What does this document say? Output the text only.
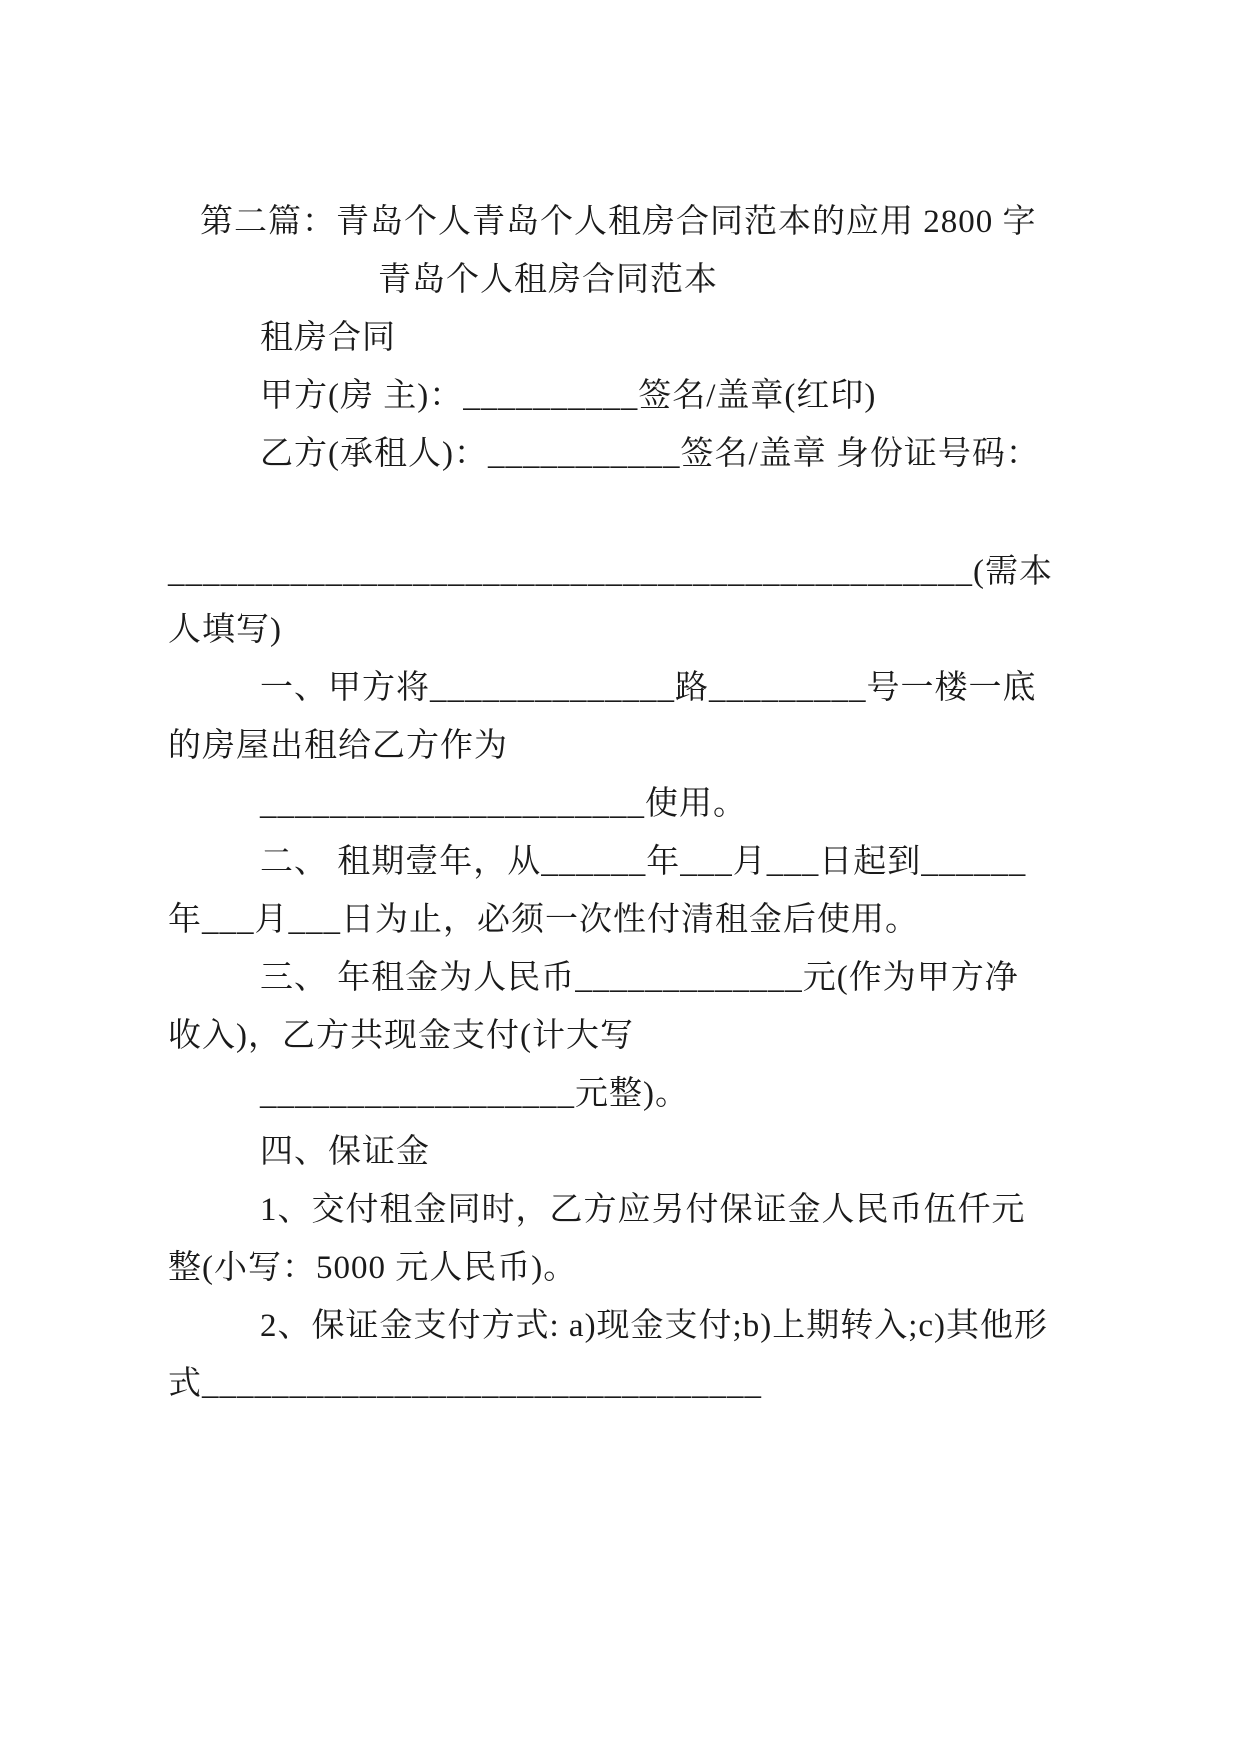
第二篇：青岛个人青岛个人租房合同范本的应用 2800 字
青岛个人租房合同范本
租房合同
甲方(房 主)：__________签名/盖章(红印)
乙方(承租人)：___________签名/盖章 身份证号码：
______________________________________________ ( 需 本
人填写)
一、甲方将______________路_________号一楼一底
的房屋出租给乙方作为
______________________使用。
二、 租期壹年，从______年___月___日起到______
年___月___日为止，必须一次性付清租金后使用。
三、 年租金为人民币_____________元(作为甲方净
收入)，乙方共现金支付(计大写
__________________元整)。
四、保证金
1、交付租金同时，乙方应另付保证金人民币伍仟元
整(小写：5000 元人民币)。
2、保证金支付方式: a)现金支付;b)上期转入;c)其他形
式________________________________
